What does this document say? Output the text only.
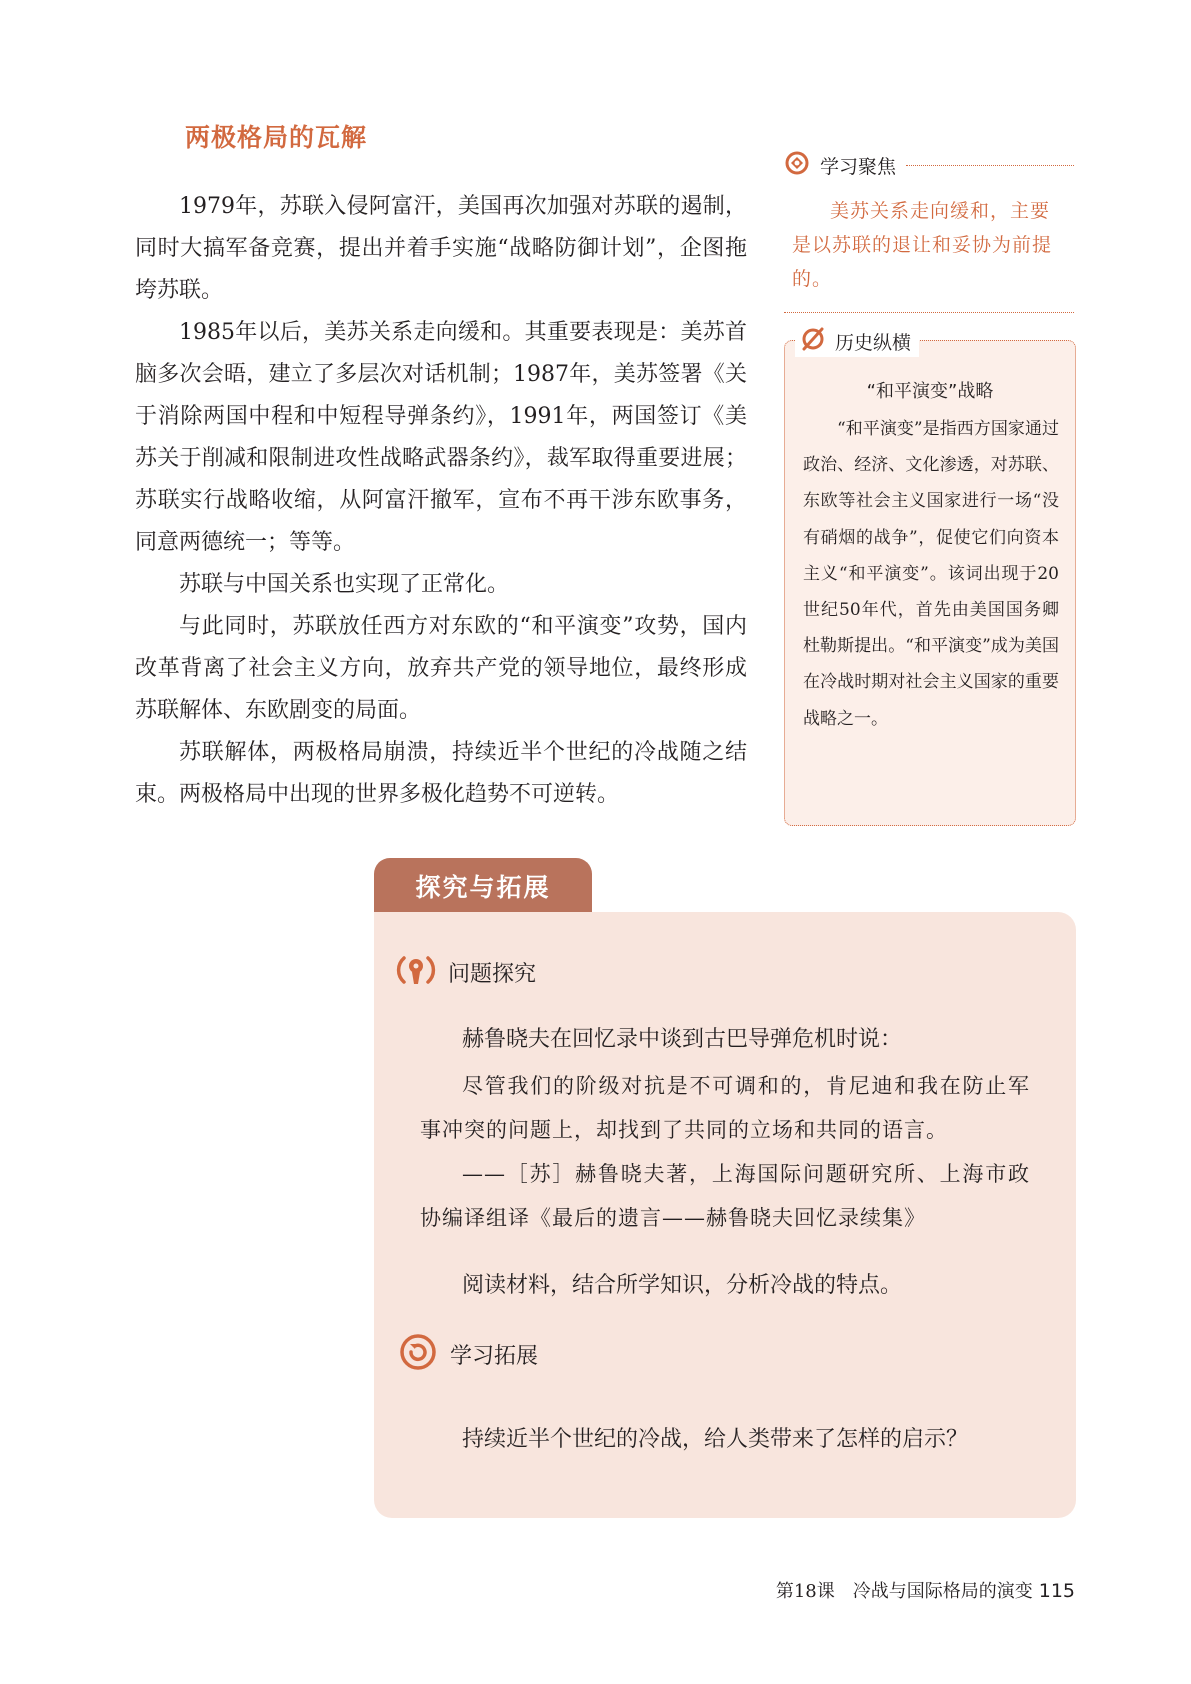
两极格局的瓦解

1979年，苏联入侵阿富汗，美国再次加强对苏联的遏制，同时大搞军备竞赛，提出并着手实施“战略防御计划”，企图拖垮苏联。

1985年以后，美苏关系走向缓和。其重要表现是：美苏首脑多次会晤，建立了多层次对话机制；1987年，美苏签署《关于消除两国中程和中短程导弹条约》，1991年，两国签订《美苏关于削减和限制进攻性战略武器条约》，裁军取得重要进展；苏联实行战略收缩，从阿富汗撤军，宣布不再干涉东欧事务，同意两德统一；等等。

苏联与中国关系也实现了正常化。

与此同时，苏联放任西方对东欧的“和平演变”攻势，国内改革背离了社会主义方向，放弃共产党的领导地位，最终形成苏联解体、东欧剧变的局面。

苏联解体，两极格局崩溃，持续近半个世纪的冷战随之结束。两极格局中出现的世界多极化趋势不可逆转。

学习聚焦

美苏关系走向缓和，主要是以苏联的退让和妥协为前提的。

历史纵横
“和平演变”战略

“和平演变”是指西方国家通过政治、经济、文化渗透，对苏联、东欧等社会主义国家进行一场“没有硝烟的战争”，促使它们向资本主义“和平演变”。该词出现于20世纪50年代，首先由美国国务卿杜勒斯提出。“和平演变”成为美国在冷战时期对社会主义国家的重要战略之一。

探究与拓展
问题探究

赫鲁晓夫在回忆录中谈到古巴导弹危机时说：

尽管我们的阶级对抗是不可调和的，肯尼迪和我在防止军事冲突的问题上，却找到了共同的立场和共同的语言。

——［苏］赫鲁晓夫著，上海国际问题研究所、上海市政协编译组译《最后的遗言——赫鲁晓夫回忆录续集》

阅读材料，结合所学知识，分析冷战的特点。

学习拓展

持续近半个世纪的冷战，给人类带来了怎样的启示？

第18课　冷战与国际格局的演变 115
